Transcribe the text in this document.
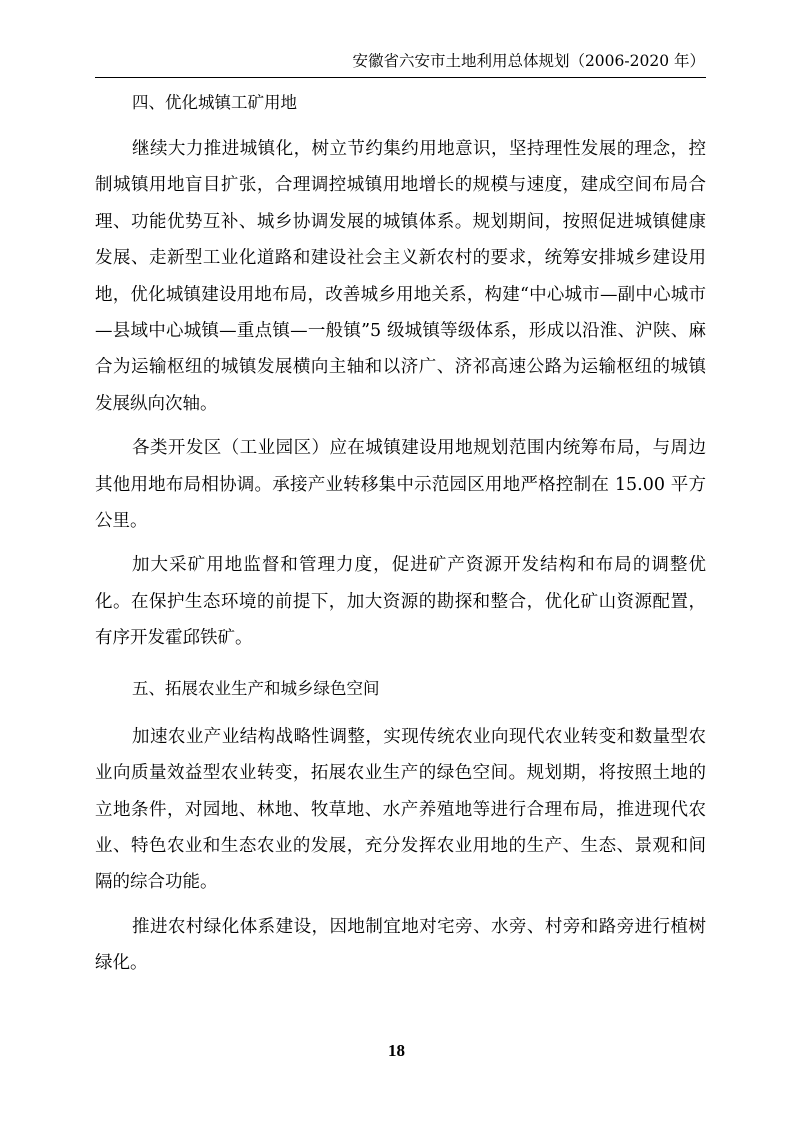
安徽省六安市土地利用总体规划（2006-2020 年）
四、优化城镇工矿用地

继续大力推进城镇化，树立节约集约用地意识，坚持理性发展的理念，控制城镇用地盲目扩张，合理调控城镇用地增长的规模与速度，建成空间布局合理、功能优势互补、城乡协调发展的城镇体系。规划期间，按照促进城镇健康发展、走新型工业化道路和建设社会主义新农村的要求，统筹安排城乡建设用地，优化城镇建设用地布局，改善城乡用地关系，构建“中心城市—副中心城市—县域中心城镇—重点镇—一般镇”5 级城镇等级体系，形成以沿淮、沪陕、麻合为运输枢纽的城镇发展横向主轴和以济广、济祁高速公路为运输枢纽的城镇发展纵向次轴。

各类开发区（工业园区）应在城镇建设用地规划范围内统筹布局，与周边其他用地布局相协调。承接产业转移集中示范园区用地严格控制在 15.00 平方公里。

加大采矿用地监督和管理力度，促进矿产资源开发结构和布局的调整优化。在保护生态环境的前提下，加大资源的勘探和整合，优化矿山资源配置，有序开发霍邱铁矿。

五、拓展农业生产和城乡绿色空间

加速农业产业结构战略性调整，实现传统农业向现代农业转变和数量型农业向质量效益型农业转变，拓展农业生产的绿色空间。规划期，将按照土地的立地条件，对园地、林地、牧草地、水产养殖地等进行合理布局，推进现代农业、特色农业和生态农业的发展，充分发挥农业用地的生产、生态、景观和间隔的综合功能。

推进农村绿化体系建设，因地制宜地对宅旁、水旁、村旁和路旁进行植树绿化。

18
